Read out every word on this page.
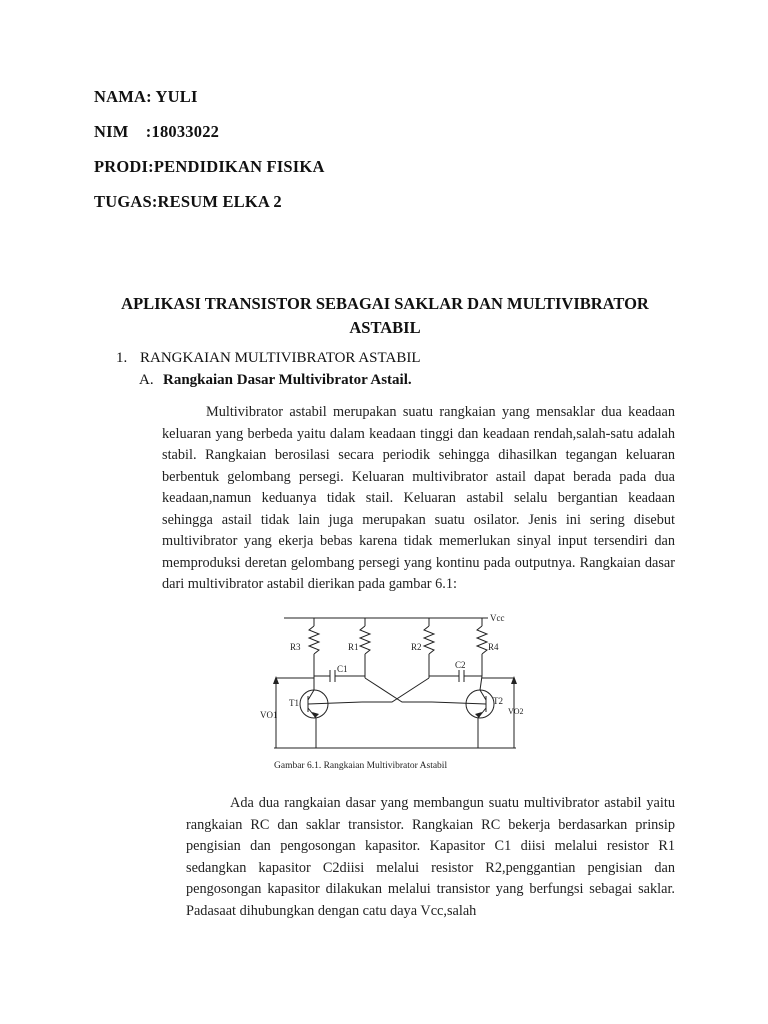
NAMA: YULI

NIM    :18033022

PRODI:PENDIDIKAN FISIKA

TUGAS:RESUM ELKA 2

APLIKASI TRANSISTOR SEBAGAI SAKLAR DAN MULTIVIBRATOR ASTABIL

1. RANGKAIAN MULTIVIBRATOR ASTABIL

A. Rangkaian Dasar Multivibrator Astail.

Multivibrator astabil merupakan suatu rangkaian yang mensaklar dua keadaan keluaran yang berbeda yaitu dalam keadaan tinggi dan keadaan rendah,salah-satu adalah stabil. Rangkaian berosilasi secara periodik sehingga dihasilkan tegangan keluaran berbentuk gelombang persegi. Keluaran multivibrator astail dapat berada pada dua keadaan,namun keduanya tidak stail. Keluaran astabil selalu bergantian keadaan sehingga astail tidak lain juga merupakan suatu osilator. Jenis ini sering disebut multivibrator yang ekerja bebas karena tidak memerlukan sinyal input tersendiri dan memproduksi deretan gelombang persegi yang kontinu pada outputnya. Rangkaian dasar dari multivibrator astabil dierikan pada gambar 6.1:

Vcc
R3	R1	R2	R4
C1	C2
T1	T2
VO1	VO2
Gambar 6.1. Rangkaian Multivibrator Astabil

Ada dua rangkaian dasar yang membangun suatu multivibrator astabil yaitu rangkaian RC dan saklar transistor. Rangkaian RC bekerja berdasarkan prinsip pengisian dan pengosongan kapasitor. Kapasitor C1 diisi melalui resistor R1 sedangkan kapasitor C2diisi melalui resistor R2,penggantian pengisian dan pengosongan kapasitor dilakukan melalui transistor yang berfungsi sebagai saklar. Padasaat dihubungkan dengan catu daya Vcc,salah
